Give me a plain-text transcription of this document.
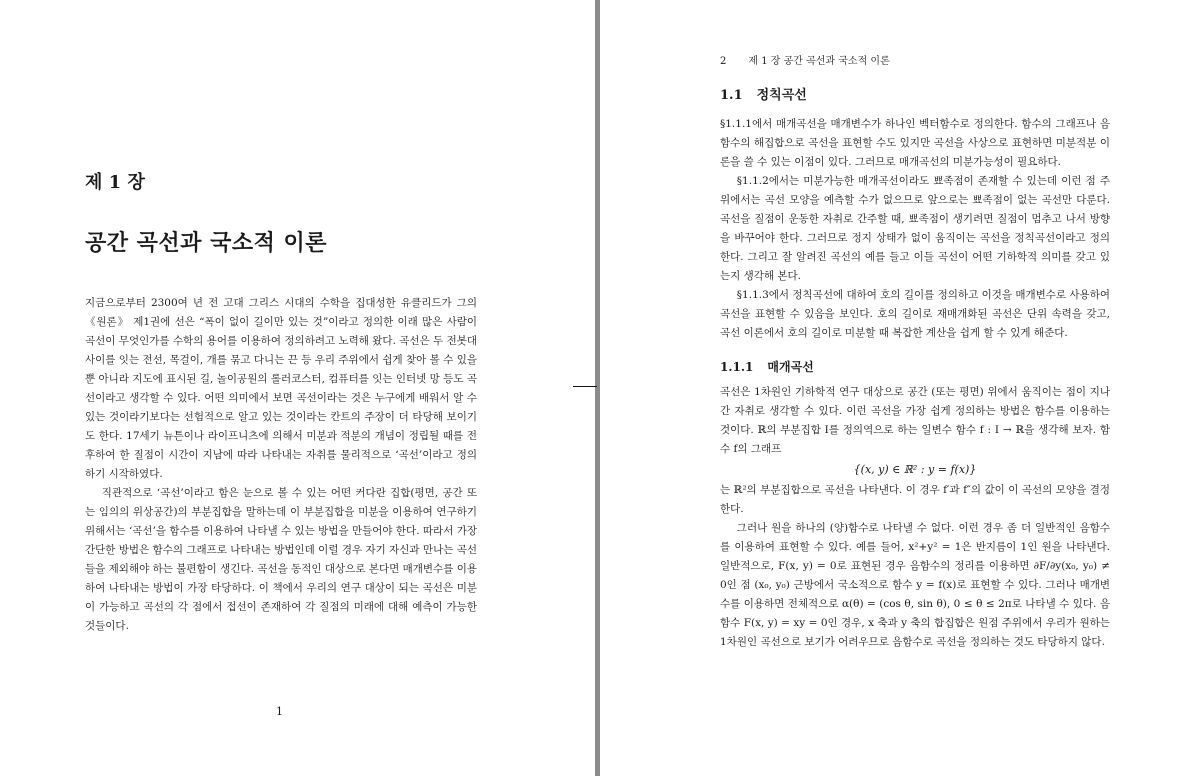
제 1 장
공간 곡선과 국소적 이론

지금으로부터 2300여 년 전 고대 그리스 시대의 수학을 집대성한 유클리드가 그의 《원론》 제1권에 선은 “폭이 없이 길이만 있는 것”이라고 정의한 이래 많은 사람이 곡선이 무엇인가를 수학의 용어를 이용하여 정의하려고 노력해 왔다. 곡선은 두 전봇대 사이를 잇는 전선, 목걸이, 개를 묶고 다니는 끈 등 우리 주위에서 쉽게 찾아 볼 수 있을 뿐 아니라 지도에 표시된 길, 놀이공원의 롤러코스터, 컴퓨터를 잇는 인터넷 망 등도 곡선이라고 생각할 수 있다. 어떤 의미에서 보면 곡선이라는 것은 누구에게 배워서 알 수 있는 것이라기보다는 선험적으로 알고 있는 것이라는 칸트의 주장이 더 타당해 보이기도 한다. 17세기 뉴튼이나 라이프니츠에 의해서 미분과 적분의 개념이 정립될 때를 전후하여 한 질점이 시간이 지남에 따라 나타내는 자취를 물리적으로 ‘곡선’이라고 정의하기 시작하였다.

직관적으로 ‘곡선’이라고 함은 눈으로 볼 수 있는 어떤 커다란 집합(평면, 공간 또는 임의의 위상공간)의 부분집합을 말하는데 이 부분집합을 미분을 이용하여 연구하기 위해서는 ‘곡선’을 함수를 이용하여 나타낼 수 있는 방법을 만들어야 한다. 따라서 가장 간단한 방법은 함수의 그래프로 나타내는 방법인데 이럴 경우 자기 자신과 만나는 곡선들을 제외해야 하는 불편함이 생긴다. 곡선을 동적인 대상으로 본다면 매개변수를 이용하여 나타내는 방법이 가장 타당하다. 이 책에서 우리의 연구 대상이 되는 곡선은 미분이 가능하고 곡선의 각 점에서 접선이 존재하여 각 질점의 미래에 대해 예측이 가능한 것들이다.

1

2 제 1 장 공간 곡선과 국소적 이론

1.1 정칙곡선

§1.1.1에서 매개곡선을 매개변수가 하나인 벡터함수로 정의한다. 함수의 그래프나 음함수의 해집합으로 곡선을 표현할 수도 있지만 곡선을 사상으로 표현하면 미분적분 이론을 쓸 수 있는 이점이 있다. 그러므로 매개곡선의 미분가능성이 필요하다.

§1.1.2에서는 미분가능한 매개곡선이라도 뾰족점이 존재할 수 있는데 이런 점 주위에서는 곡선 모양을 예측할 수가 없으므로 앞으로는 뾰족점이 없는 곡선만 다룬다. 곡선을 질점이 운동한 자취로 간주할 때, 뾰족점이 생기려면 질점이 멈추고 나서 방향을 바꾸어야 한다. 그러므로 정지 상태가 없이 움직이는 곡선을 정칙곡선이라고 정의한다. 그리고 잘 알려진 곡선의 예를 들고 이들 곡선이 어떤 기하학적 의미를 갖고 있는지 생각해 본다.

§1.1.3에서 정칙곡선에 대하여 호의 길이를 정의하고 이것을 매개변수로 사용하여 곡선을 표현할 수 있음을 보인다. 호의 길이로 재매개화된 곡선은 단위 속력을 갖고, 곡선 이론에서 호의 길이로 미분할 때 복잡한 계산을 쉽게 할 수 있게 해준다.

1.1.1 매개곡선

곡선은 1차원인 기하학적 연구 대상으로 공간 (또는 평면) 위에서 움직이는 점이 지나간 자취로 생각할 수 있다. 이런 곡선을 가장 쉽게 정의하는 방법은 함수를 이용하는 것이다. ℝ의 부분집합 I를 정의역으로 하는 일변수 함수 f : I → ℝ을 생각해 보자. 함수 f의 그래프

{(x, y) ∈ ℝ² : y = f(x)}

는 ℝ²의 부분집합으로 곡선을 나타낸다. 이 경우 f′과 f″의 값이 이 곡선의 모양을 결정한다.

그러나 원을 하나의 (양)함수로 나타낼 수 없다. 이런 경우 좀 더 일반적인 음함수를 이용하여 표현할 수 있다. 예를 들어, x²+y² = 1은 반지름이 1인 원을 나타낸다. 일반적으로, F(x, y) = 0로 표현된 경우 음함수의 정리를 이용하면 ∂F/∂y(x₀, y₀) ≠ 0인 점 (x₀, y₀) 근방에서 국소적으로 함수 y = f(x)로 표현할 수 있다. 그러나 매개변수를 이용하면 전체적으로 α(θ) = (cos θ, sin θ), 0 ≤ θ ≤ 2π로 나타낼 수 있다. 음함수 F(x, y) = xy = 0인 경우, x 축과 y 축의 합집합은 원점 주위에서 우리가 원하는 1차원인 곡선으로 보기가 어려우므로 음함수로 곡선을 정의하는 것도 타당하지 않다.
